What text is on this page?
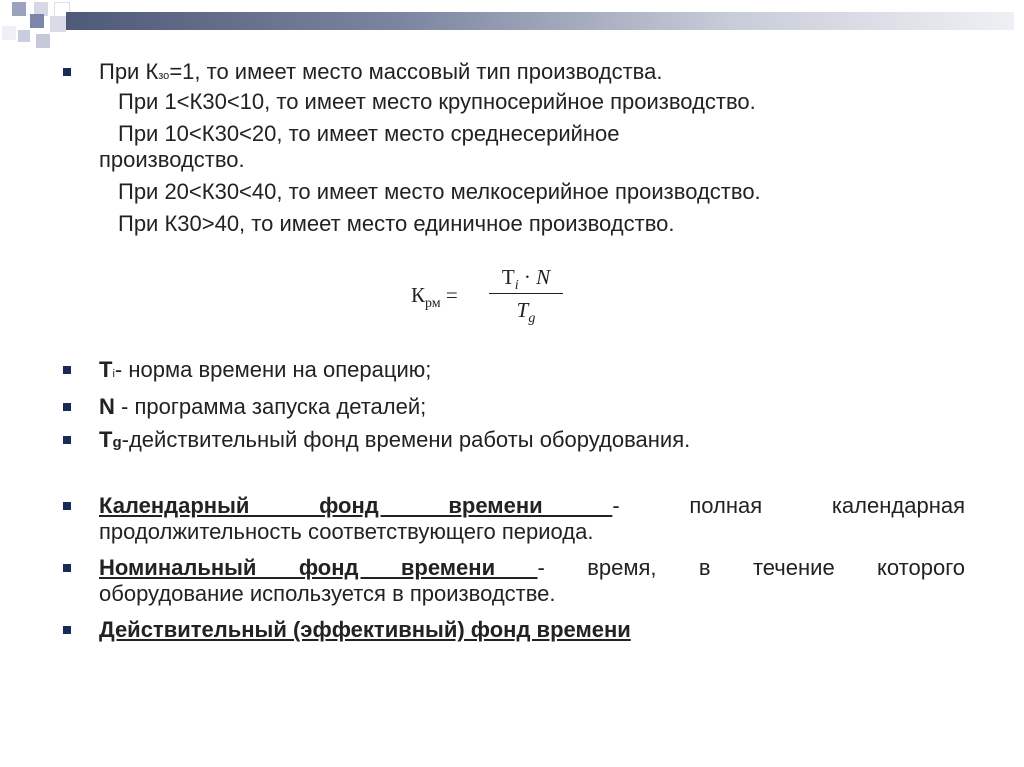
При Кзо=1, то имеет место массовый тип производства.
При 1<К30<10, то имеет место крупносерийное производство.
При 10<К30<20, то имеет место среднесерийное
производство.
При 20<К30<40, то имеет место мелкосерийное производство.
При К30>40, то имеет место единичное производство.
$К_{рм}$ =
$T_i \cdot N$
$T_g$
Ti- норма времени на операцию;
N - программа запуска деталей;
Tg-действительный фонд времени работы оборудования.
Календарный фонд времени - полная календарная
продолжительность соответствующего периода.
Номинальный фонд времени - время, в течение которого
оборудование используется в производстве.
Действительный (эффективный) фонд времени
